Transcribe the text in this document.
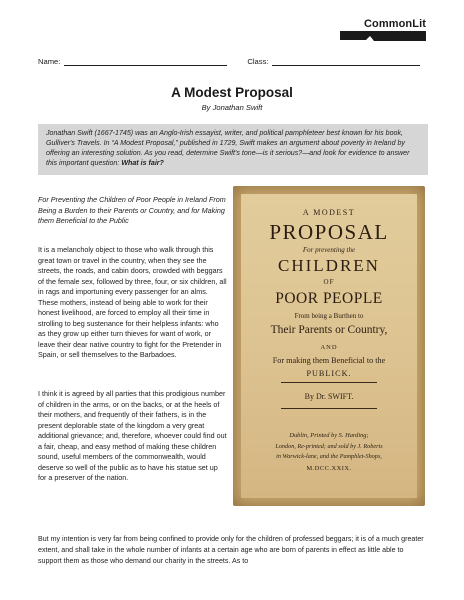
CommonLit
Name:	Class:
A Modest Proposal
By Jonathan Swift
Jonathan Swift (1667-1745) was an Anglo-Irish essayist, writer, and political pamphleteer best known for his book, Gulliver's Travels. In “A Modest Proposal,” published in 1729, Swift makes an argument about poverty in Ireland by offering an interesting solution. As you read, determine Swift's tone—is it serious?—and look for evidence to answer this important question: What is fair?
For Preventing the Children of Poor People in Ireland From Being a Burden to their Parents or Country, and for Making them Beneficial to the Public
It is a melancholy object to those who walk through this great town or travel in the country, when they see the streets, the roads, and cabin doors, crowded with beggars of the female sex, followed by three, four, or six children, all in rags and importuning every passenger for an alms. These mothers, instead of being able to work for their honest livelihood, are forced to employ all their time in strolling to beg sustenance for their helpless infants: who as they grow up either turn thieves for want of work, or leave their dear native country to fight for the Pretender in Spain, or sell themselves to the Barbadoes.
I think it is agreed by all parties that this prodigious number of children in the arms, or on the backs, or at the heels of their mothers, and frequently of their fathers, is in the present deplorable state of the kingdom a very great additional grievance; and, therefore, whoever could find out a fair, cheap, and easy method of making these children sound, useful members of the commonwealth, would deserve so well of the public as to have his statue set up for a preserver of the nation.
A MODEST
PROPOSAL
For preventing the
CHILDREN
OF
POOR PEOPLE
From being a Burthen to
Their Parents or Country,
AND
For making them Beneficial to the
PUBLICK.
By Dr. SWIFT.
Dublin, Printed by S. Harding;
London, Re-printed; and sold by J. Roberts
in Warwick-lane, and the Pamphlet-Shops,
M.DCC.XXIX.
But my intention is very far from being confined to provide only for the children of professed beggars; it is of a much greater extent, and shall take in the whole number of infants at a certain age who are born of parents in effect as little able to support them as those who demand our charity in the streets. As to
